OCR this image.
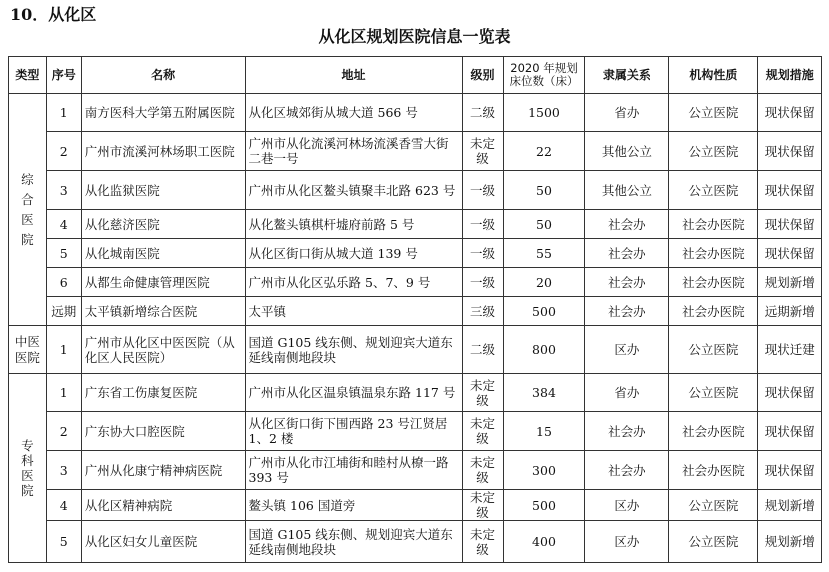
10．从化区
从化区规划医院信息一览表
类型	序号	名称	地址	级别	2020 年规划床位数（床）	隶属关系	机构性质	规划措施
综合医院	1	南方医科大学第五附属医院	从化区城郊街从城大道 566 号	二级	1500	省办	公立医院	现状保留
	2	广州市流溪河林场职工医院	广州市从化流溪河林场流溪香雪大街二巷一号	未定级	22	其他公立	公立医院	现状保留
	3	从化监狱医院	广州市从化区鳌头镇聚丰北路 623 号	一级	50	其他公立	公立医院	现状保留
	4	从化慈济医院	从化鳌头镇棋杆墟府前路 5 号	一级	50	社会办	社会办医院	现状保留
	5	从化城南医院	从化区街口街从城大道 139 号	一级	55	社会办	社会办医院	现状保留
	6	从都生命健康管理医院	广州市从化区弘乐路 5、7、9 号	一级	20	社会办	社会办医院	规划新增
	远期	太平镇新增综合医院	太平镇	三级	500	社会办	社会办医院	远期新增
中医医院	1	广州市从化区中医医院（从化区人民医院）	国道 G105 线东侧、规划迎宾大道东延线南侧地段块	二级	800	区办	公立医院	现状迁建
专科医院	1	广东省工伤康复医院	广州市从化区温泉镇温泉东路 117 号	未定级	384	省办	公立医院	现状保留
	2	广东协大口腔医院	从化区街口街下围西路 23 号江贤居 1、2 楼	未定级	15	社会办	社会办医院	现状保留
	3	广州从化康宁精神病医院	广州市从化市江埔街和睦村从橑一路 393 号	未定级	300	社会办	社会办医院	现状保留
	4	从化区精神病院	鳌头镇 106 国道旁	未定级	500	区办	公立医院	规划新增
	5	从化区妇女儿童医院	国道 G105 线东侧、规划迎宾大道东延线南侧地段块	未定级	400	区办	公立医院	规划新增
